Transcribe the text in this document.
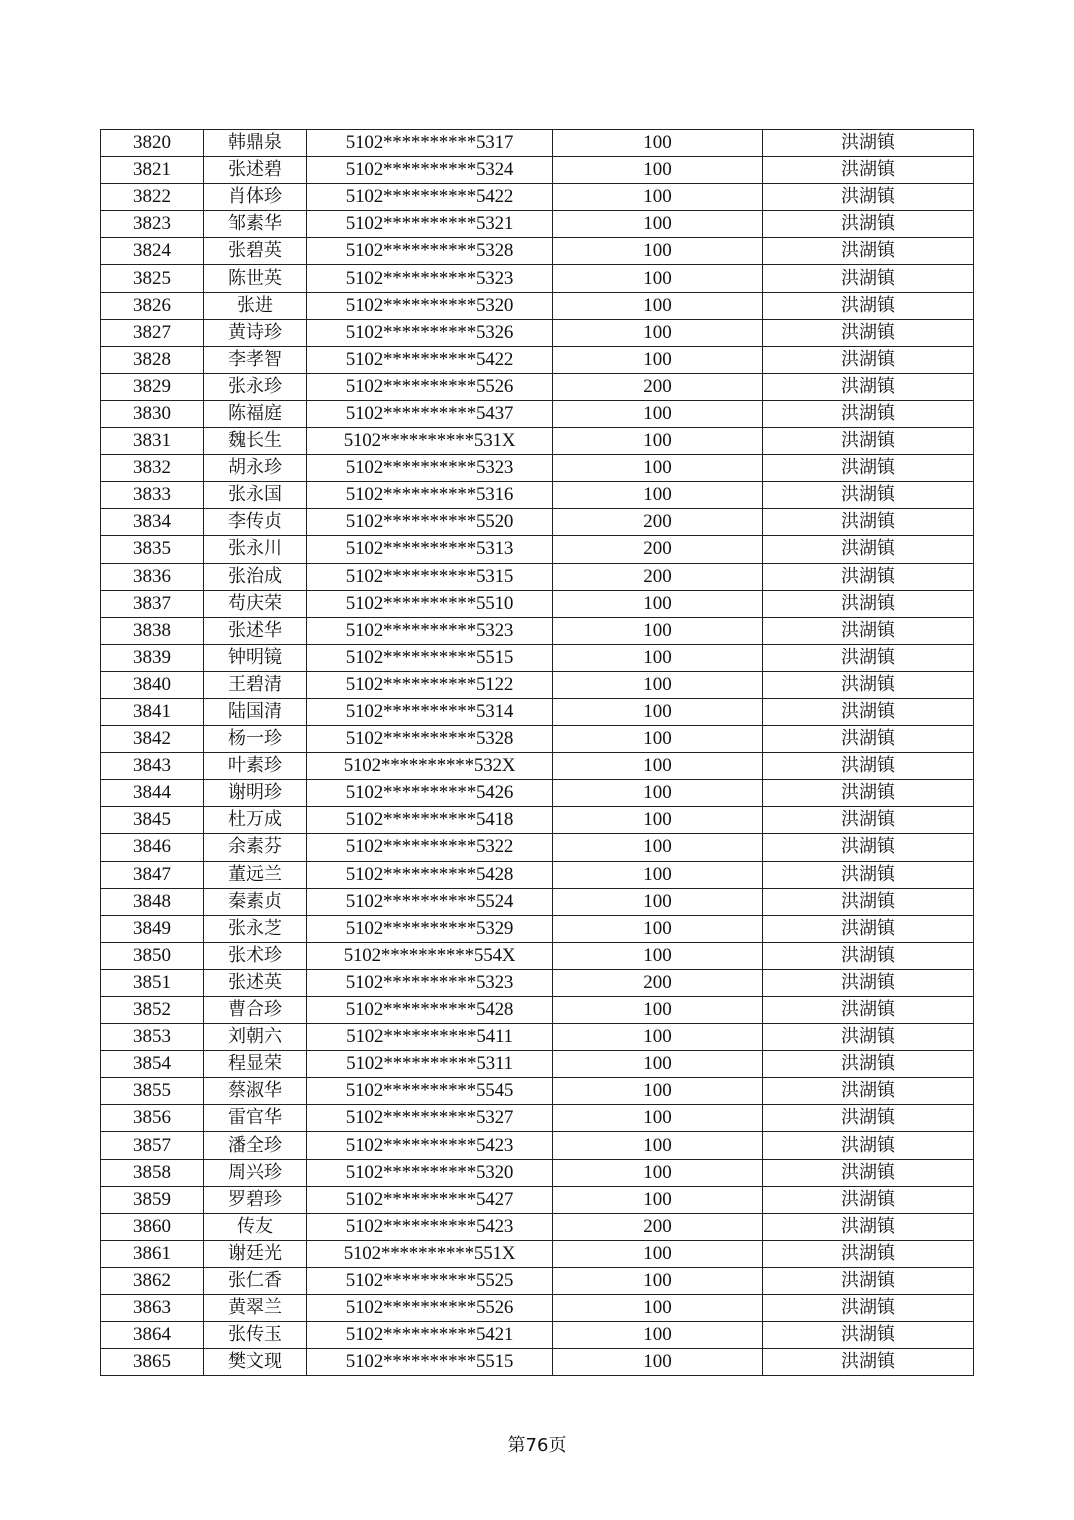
3820	韩鼎泉	5102**********5317	100	洪湖镇
3821	张述碧	5102**********5324	100	洪湖镇
3822	肖体珍	5102**********5422	100	洪湖镇
3823	邹素华	5102**********5321	100	洪湖镇
3824	张碧英	5102**********5328	100	洪湖镇
3825	陈世英	5102**********5323	100	洪湖镇
3826	张进	5102**********5320	100	洪湖镇
3827	黄诗珍	5102**********5326	100	洪湖镇
3828	李孝智	5102**********5422	100	洪湖镇
3829	张永珍	5102**********5526	200	洪湖镇
3830	陈福庭	5102**********5437	100	洪湖镇
3831	魏长生	5102**********531X	100	洪湖镇
3832	胡永珍	5102**********5323	100	洪湖镇
3833	张永国	5102**********5316	100	洪湖镇
3834	李传贞	5102**********5520	200	洪湖镇
3835	张永川	5102**********5313	200	洪湖镇
3836	张治成	5102**********5315	200	洪湖镇
3837	苟庆荣	5102**********5510	100	洪湖镇
3838	张述华	5102**********5323	100	洪湖镇
3839	钟明镜	5102**********5515	100	洪湖镇
3840	王碧清	5102**********5122	100	洪湖镇
3841	陆国清	5102**********5314	100	洪湖镇
3842	杨一珍	5102**********5328	100	洪湖镇
3843	叶素珍	5102**********532X	100	洪湖镇
3844	谢明珍	5102**********5426	100	洪湖镇
3845	杜万成	5102**********5418	100	洪湖镇
3846	余素芬	5102**********5322	100	洪湖镇
3847	董远兰	5102**********5428	100	洪湖镇
3848	秦素贞	5102**********5524	100	洪湖镇
3849	张永芝	5102**********5329	100	洪湖镇
3850	张术珍	5102**********554X	100	洪湖镇
3851	张述英	5102**********5323	200	洪湖镇
3852	曹合珍	5102**********5428	100	洪湖镇
3853	刘朝六	5102**********5411	100	洪湖镇
3854	程显荣	5102**********5311	100	洪湖镇
3855	蔡淑华	5102**********5545	100	洪湖镇
3856	雷官华	5102**********5327	100	洪湖镇
3857	潘全珍	5102**********5423	100	洪湖镇
3858	周兴珍	5102**********5320	100	洪湖镇
3859	罗碧珍	5102**********5427	100	洪湖镇
3860	传友	5102**********5423	200	洪湖镇
3861	谢廷光	5102**********551X	100	洪湖镇
3862	张仁香	5102**********5525	100	洪湖镇
3863	黄翠兰	5102**********5526	100	洪湖镇
3864	张传玉	5102**********5421	100	洪湖镇
3865	樊文现	5102**********5515	100	洪湖镇
第76页
